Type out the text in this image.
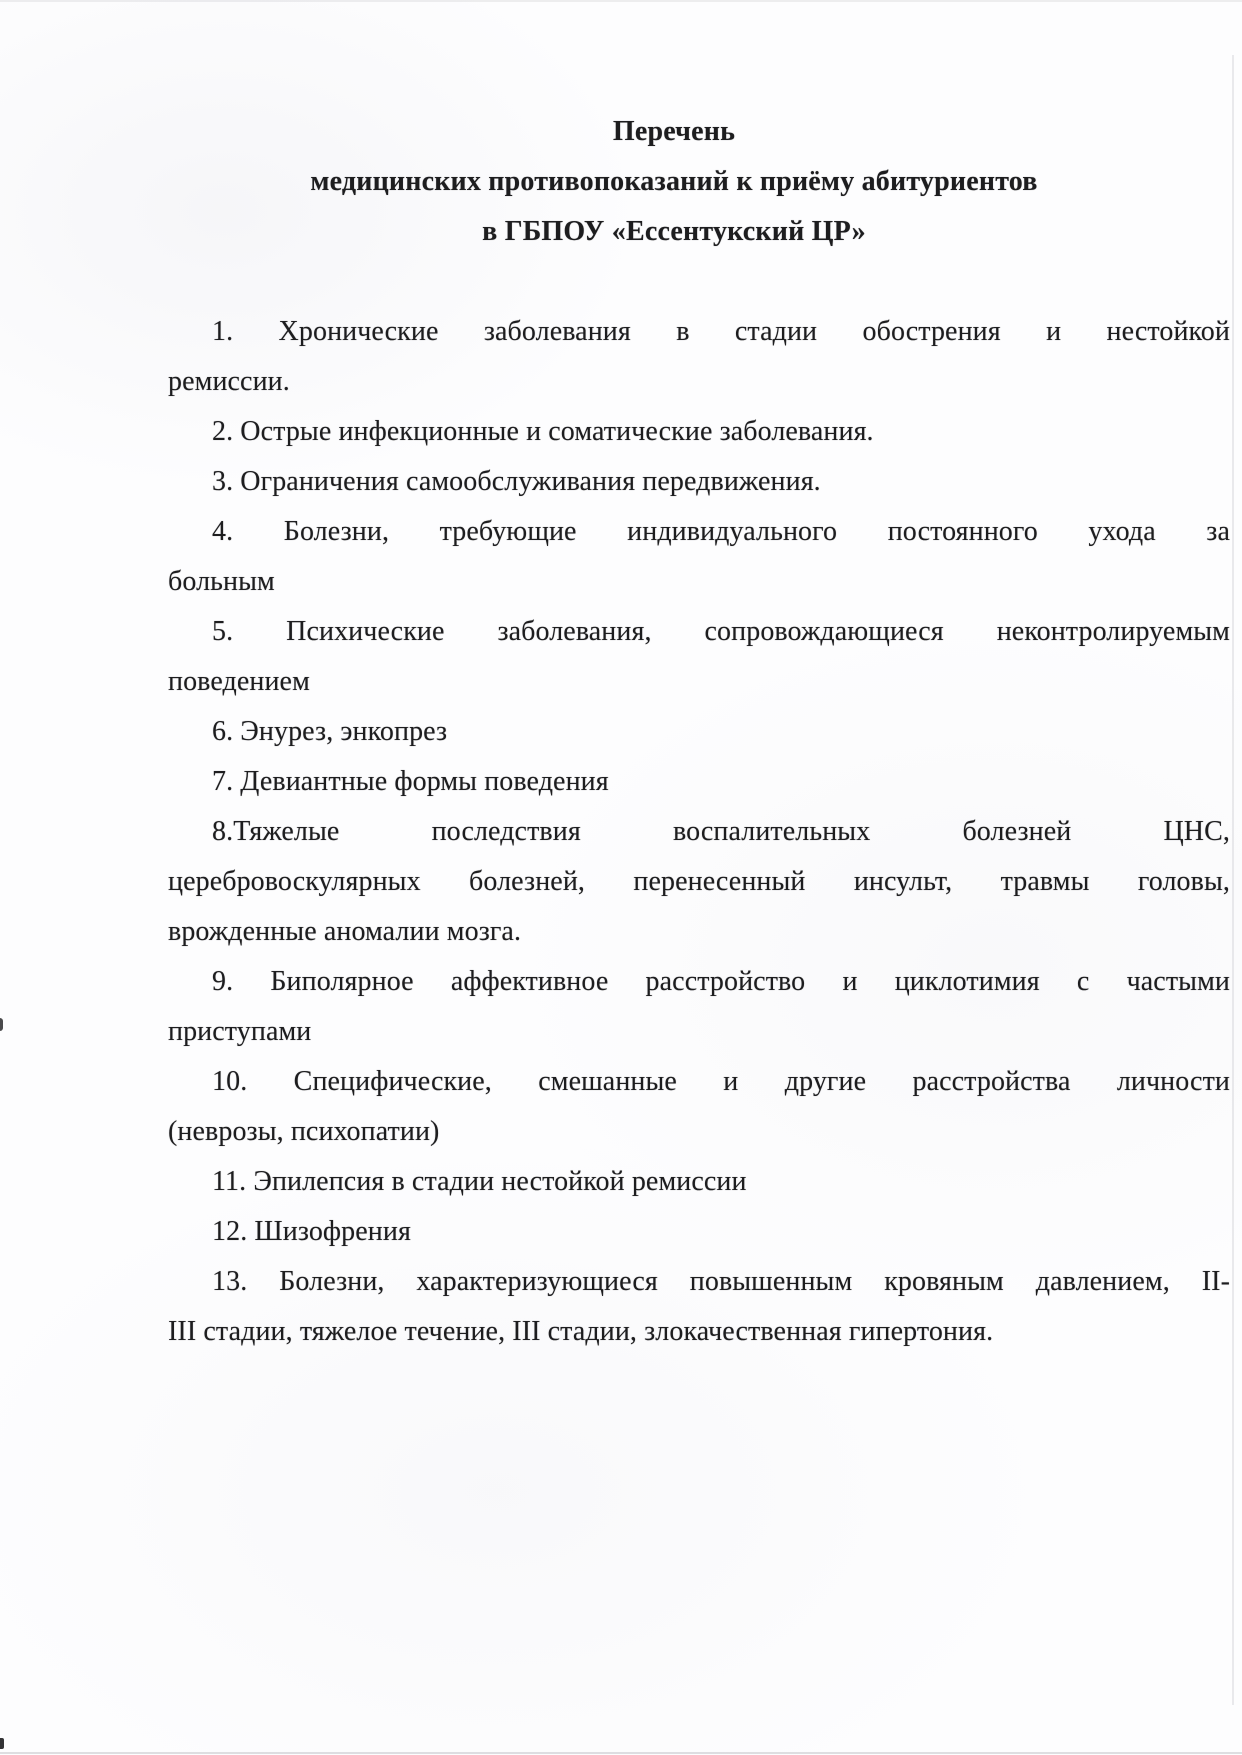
Перечень
медицинских противопоказаний к приёму абитуриентов
в ГБПОУ «Ессентукский ЦР»
1. Хронические заболевания в стадии обострения и нестойкой
ремиссии.
2. Острые инфекционные и соматические заболевания.
3. Ограничения самообслуживания передвижения.
4. Болезни, требующие индивидуального постоянного ухода за
больным
5. Психические заболевания, сопровождающиеся неконтролируемым
поведением
6. Энурез, энкопрез
7. Девиантные формы поведения
8.Тяжелые последствия воспалительных болезней ЦНС,
церебровоскулярных болезней, перенесенный инсульт, травмы головы,
врожденные аномалии мозга.
9. Биполярное аффективное расстройство и циклотимия с частыми
приступами
10. Специфические, смешанные и другие расстройства личности
(неврозы, психопатии)
11. Эпилепсия в стадии нестойкой ремиссии
12. Шизофрения
13. Болезни, характеризующиеся повышенным кровяным давлением, II-
III стадии, тяжелое течение, III стадии, злокачественная гипертония.
